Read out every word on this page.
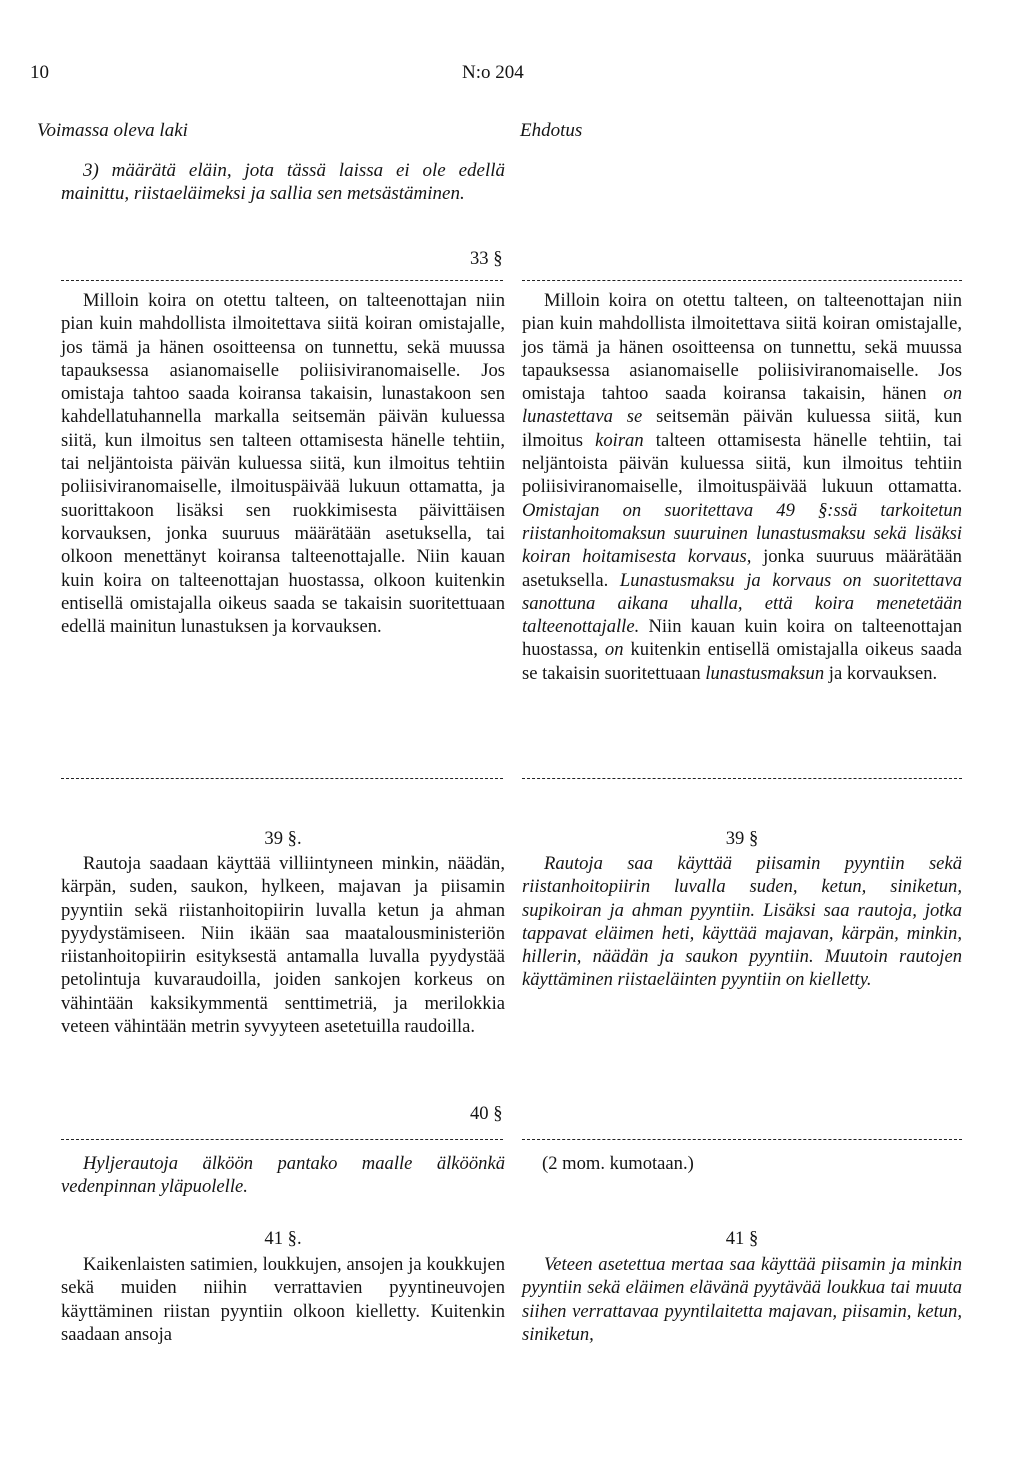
10	N:o 204
Voimassa oleva laki	Ehdotus

3) määrätä eläin, jota tässä laissa ei ole edellä mainittu, riistaeläimeksi ja sallia sen metsästäminen.

33 §

Milloin koira on otettu talteen, on talteenottajan niin pian kuin mahdollista ilmoitettava siitä koiran omistajalle, jos tämä ja hänen osoitteensa on tunnettu, sekä muussa tapauksessa asianomaiselle poliisiviranomaiselle. Jos omistaja tahtoo saada koiransa takaisin, lunastakoon sen kahdellatuhannella markalla seitsemän päivän kuluessa siitä, kun ilmoitus sen talteen ottamisesta hänelle tehtiin, tai neljäntoista päivän kuluessa siitä, kun ilmoitus tehtiin poliisiviranomaiselle, ilmoituspäivää lukuun ottamatta, ja suorittakoon lisäksi sen ruokkimisesta päivittäisen korvauksen, jonka suuruus määrätään asetuksella, tai olkoon menettänyt koiransa talteenottajalle. Niin kauan kuin koira on talteenottajan huostassa, olkoon kuitenkin entisellä omistajalla oikeus saada se takaisin suoritettuaan edellä mainitun lunastuksen ja korvauksen.

Milloin koira on otettu talteen, on talteenottajan niin pian kuin mahdollista ilmoitettava siitä koiran omistajalle, jos tämä ja hänen osoitteensa on tunnettu, sekä muussa tapauksessa asianomaiselle poliisiviranomaiselle. Jos omistaja tahtoo saada koiransa takaisin, hänen on lunastettava se seitsemän päivän kuluessa siitä, kun ilmoitus koiran talteen ottamisesta hänelle tehtiin, tai neljäntoista päivän kuluessa siitä, kun ilmoitus tehtiin poliisiviranomaiselle, ilmoituspäivää lukuun ottamatta. Omistajan on suoritettava 49 §:ssä tarkoitetun riistanhoitomaksun suuruinen lunastusmaksu sekä lisäksi koiran hoitamisesta korvaus, jonka suuruus määrätään asetuksella. Lunastusmaksu ja korvaus on suoritettava sanottuna aikana uhalla, että koira menetetään talteenottajalle. Niin kauan kuin koira on talteenottajan huostassa, on kuitenkin entisellä omistajalla oikeus saada se takaisin suoritettuaan lunastusmaksun ja korvauksen.

39 §.	39 §

Rautoja saadaan käyttää villiintyneen minkin, näädän, kärpän, suden, saukon, hylkeen, majavan ja piisamin pyyntiin sekä riistanhoitopiirin luvalla ketun ja ahman pyydystämiseen. Niin ikään saa maatalousministeriön riistanhoitopiirin esityksestä antamalla luvalla pyydystää petolintuja kuvaraudoilla, joiden sankojen korkeus on vähintään kaksikymmentä senttimetriä, ja merilokkia veteen vähintään metrin syvyyteen asetetuilla raudoilla.

Rautoja saa käyttää piisamin pyyntiin sekä riistanhoitopiirin luvalla suden, ketun, siniketun, supikoiran ja ahman pyyntiin. Lisäksi saa rautoja, jotka tappavat eläimen heti, käyttää majavan, kärpän, minkin, hillerin, näädän ja saukon pyyntiin. Muutoin rautojen käyttäminen riistaeläinten pyyntiin on kielletty.

40 §

Hyljerautoja älköön pantako maalle älköönkä vedenpinnan yläpuolelle.

(2 mom. kumotaan.)

41 §.	41 §

Kaikenlaisten satimien, loukkujen, ansojen ja koukkujen sekä muiden niihin verrattavien pyyntineuvojen käyttäminen riistan pyyntiin olkoon kielletty. Kuitenkin saadaan ansoja

Veteen asetettua mertaa saa käyttää piisamin ja minkin pyyntiin sekä eläimen elävänä pyytävää loukkua tai muuta siihen verrattavaa pyyntilaitetta majavan, piisamin, ketun, siniketun,
